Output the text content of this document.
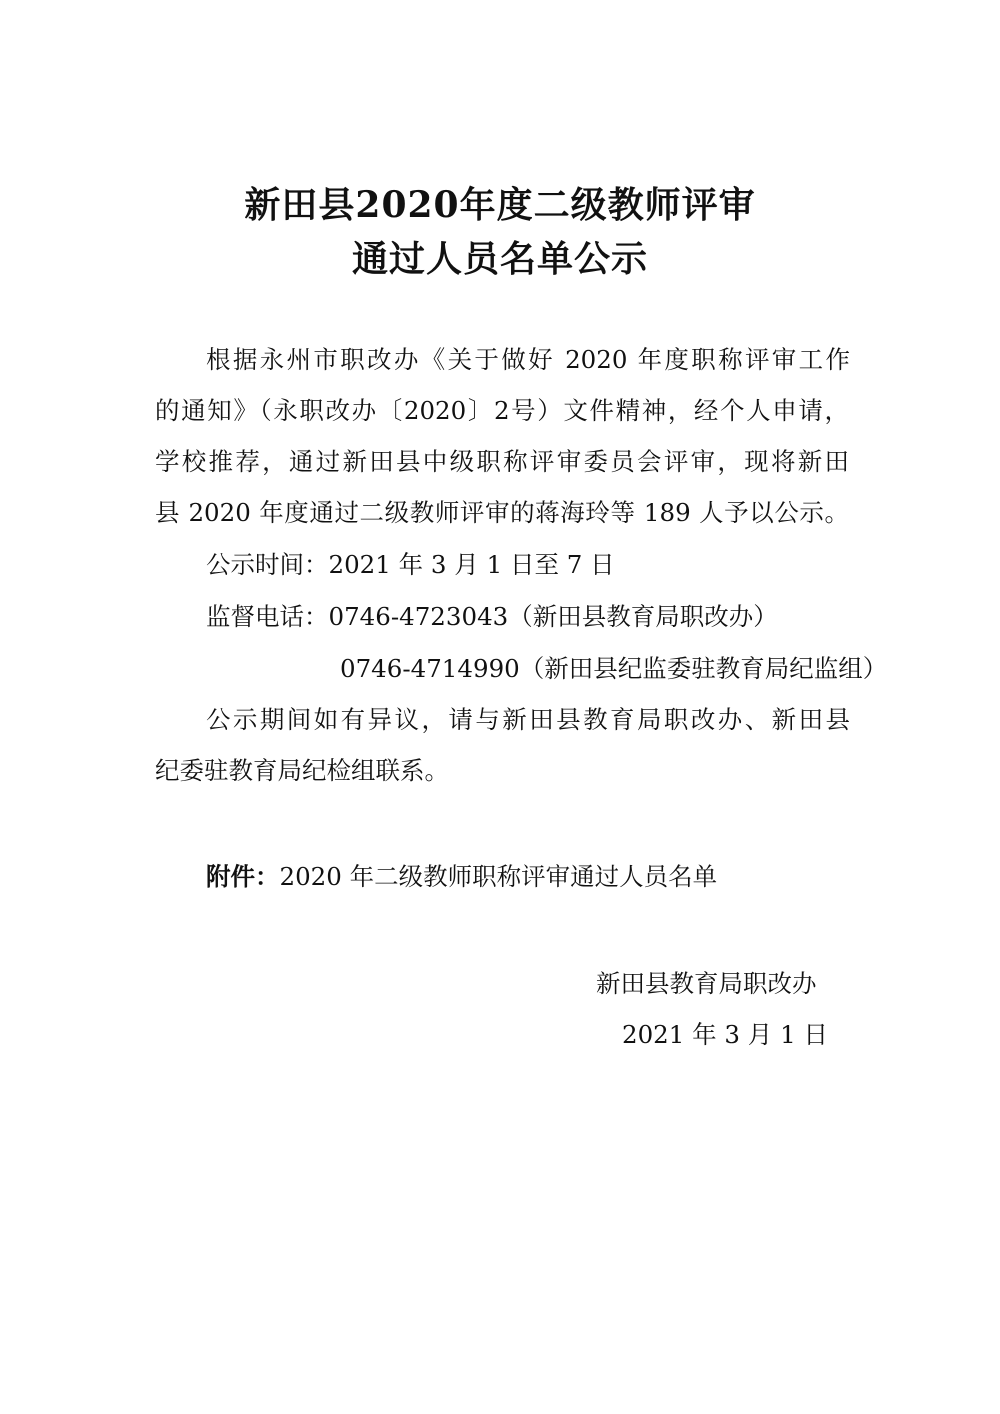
新田县2020年度二级教师评审
通过人员名单公示
根据永州市职改办《关于做好 2020 年度职称评审工作
的通知》（永职改办〔2020〕2号）文件精神，经个人申请，
学校推荐，通过新田县中级职称评审委员会评审，现将新田
县 2020 年度通过二级教师评审的蒋海玲等 189 人予以公示。
公示时间：2021 年 3 月 1 日至 7 日
监督电话：0746-4723043（新田县教育局职改办）
0746-4714990（新田县纪监委驻教育局纪监组）
公示期间如有异议，请与新田县教育局职改办、新田县
纪委驻教育局纪检组联系。
附件：2020 年二级教师职称评审通过人员名单
新田县教育局职改办
2021 年 3 月 1 日
